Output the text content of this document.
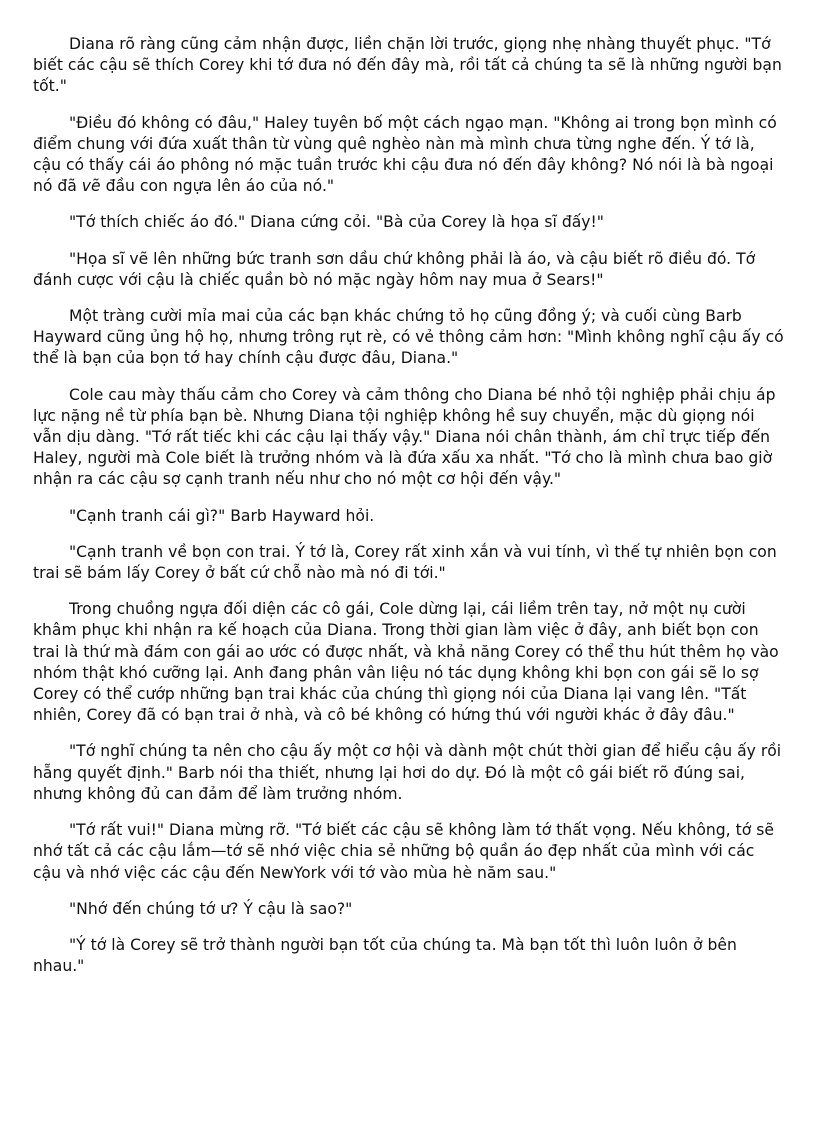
Diana rõ ràng cũng cảm nhận được, liền chặn lời trước, giọng nhẹ nhàng thuyết phục. "Tớ biết các cậu sẽ thích Corey khi tớ đưa nó đến đây mà, rồi tất cả chúng ta sẽ là những người bạn tốt."

"Điều đó không có đâu," Haley tuyên bố một cách ngạo mạn. "Không ai trong bọn mình có điểm chung với đứa xuất thân từ vùng quê nghèo nàn mà mình chưa từng nghe đến. Ý tớ là, cậu có thấy cái áo phông nó mặc tuần trước khi cậu đưa nó đến đây không? Nó nói là bà ngoại nó đã vẽ đầu con ngựa lên áo của nó."

"Tớ thích chiếc áo đó." Diana cứng cỏi. "Bà của Corey là họa sĩ đấy!"

"Họa sĩ vẽ lên những bức tranh sơn dầu chứ không phải là áo, và cậu biết rõ điều đó. Tớ đánh cược với cậu là chiếc quần bò nó mặc ngày hôm nay mua ở Sears!"

Một tràng cười mỉa mai của các bạn khác chứng tỏ họ cũng đồng ý; và cuối cùng Barb Hayward cũng ủng hộ họ, nhưng trông rụt rè, có vẻ thông cảm hơn: "Mình không nghĩ cậu ấy có thể là bạn của bọn tớ hay chính cậu được đâu, Diana."

Cole cau mày thấu cảm cho Corey và cảm thông cho Diana bé nhỏ tội nghiệp phải chịu áp lực nặng nề từ phía bạn bè. Nhưng Diana tội nghiệp không hề suy chuyển, mặc dù giọng nói vẫn dịu dàng. "Tớ rất tiếc khi các cậu lại thấy vậy." Diana nói chân thành, ám chỉ trực tiếp đến Haley, người mà Cole biết là trưởng nhóm và là đứa xấu xa nhất. "Tớ cho là mình chưa bao giờ nhận ra các cậu sợ cạnh tranh nếu như cho nó một cơ hội đến vậy."

"Cạnh tranh cái gì?" Barb Hayward hỏi.

"Cạnh tranh về bọn con trai. Ý tớ là, Corey rất xinh xắn và vui tính, vì thế tự nhiên bọn con trai sẽ bám lấy Corey ở bất cứ chỗ nào mà nó đi tới."

Trong chuồng ngựa đối diện các cô gái, Cole dừng lại, cái liềm trên tay, nở một nụ cười khâm phục khi nhận ra kế hoạch của Diana. Trong thời gian làm việc ở đây, anh biết bọn con trai là thứ mà đám con gái ao ước có được nhất, và khả năng Corey có thể thu hút thêm họ vào nhóm thật khó cưỡng lại. Anh đang phân vân liệu nó tác dụng không khi bọn con gái sẽ lo sợ Corey có thể cướp những bạn trai khác của chúng thì giọng nói của Diana lại vang lên. "Tất nhiên, Corey đã có bạn trai ở nhà, và cô bé không có hứng thú với người khác ở đây đâu."

"Tớ nghĩ chúng ta nên cho cậu ấy một cơ hội và dành một chút thời gian để hiểu cậu ấy rồi hẵng quyết định." Barb nói tha thiết, nhưng lại hơi do dự. Đó là một cô gái biết rõ đúng sai, nhưng không đủ can đảm để làm trưởng nhóm.

"Tớ rất vui!" Diana mừng rỡ. "Tớ biết các cậu sẽ không làm tớ thất vọng. Nếu không, tớ sẽ nhớ tất cả các cậu lắm—tớ sẽ nhớ việc chia sẻ những bộ quần áo đẹp nhất của mình với các cậu và nhớ việc các cậu đến NewYork với tớ vào mùa hè năm sau."

"Nhớ đến chúng tớ ư? Ý cậu là sao?"

"Ý tớ là Corey sẽ trở thành người bạn tốt của chúng ta. Mà bạn tốt thì luôn luôn ở bên nhau."
